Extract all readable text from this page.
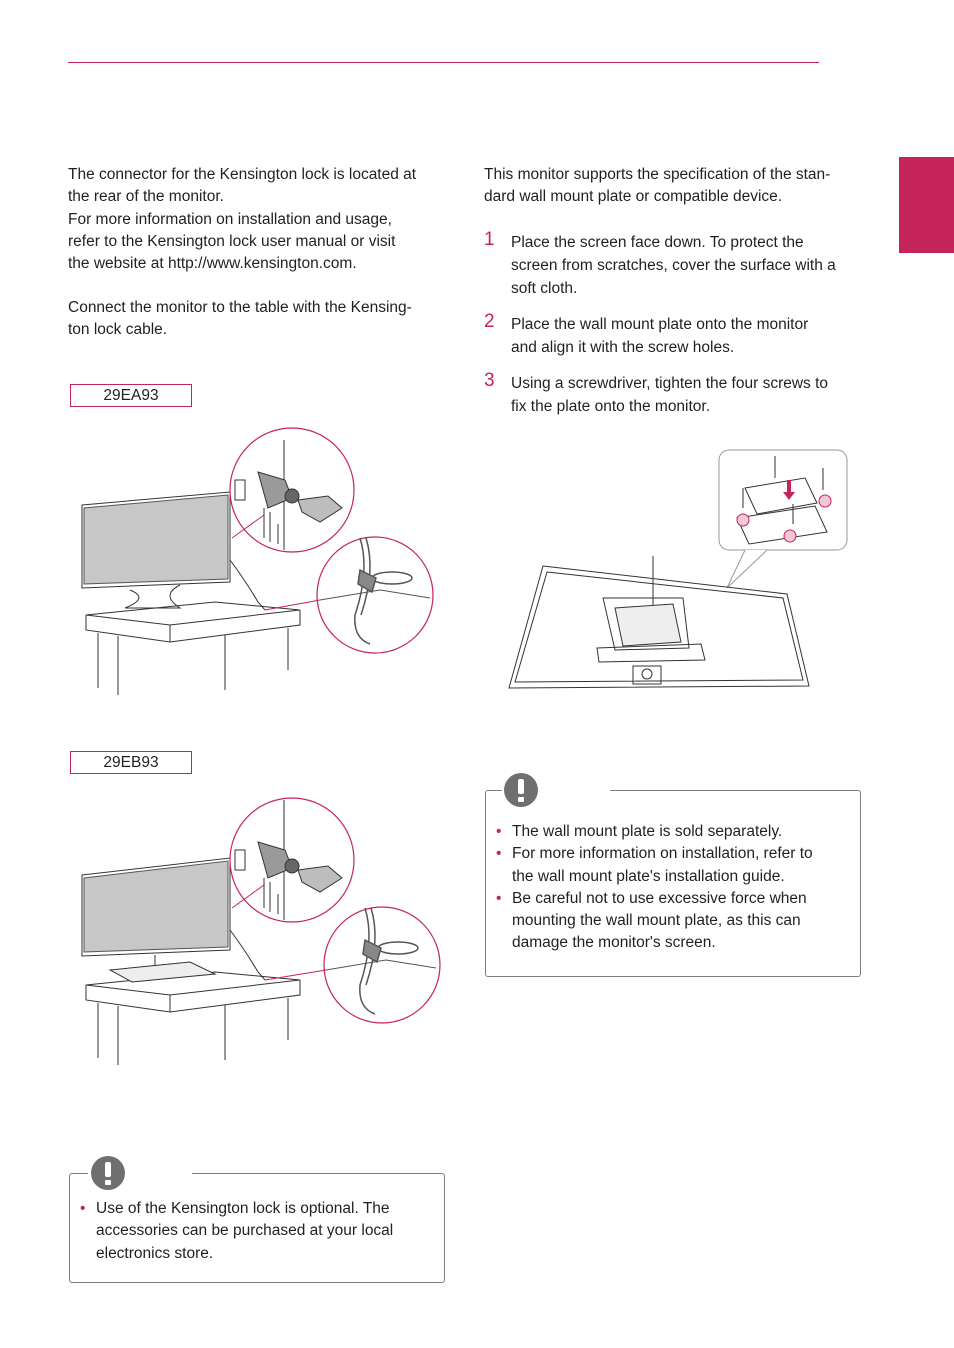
The connector for the Kensington lock is located at
the rear of the monitor.
For more information on installation and usage,
refer to the Kensington lock user manual or visit
the website at http://www.kensington.com.

Connect the monitor to the table with the Kensing-
ton lock cable.

29EA93
29EB93
• Use of the Kensington lock is optional. The
accessories can be purchased at your local
electronics store.

This monitor supports the specification of the stan-
dard wall mount plate or compatible device.

1 Place the screen face down. To protect the
screen from scratches, cover the surface with a
soft cloth.
2 Place the wall mount plate onto the monitor
and align it with the screw holes.
3 Using a screwdriver, tighten the four screws to
fix the plate onto the monitor.
• The wall mount plate is sold separately.
• For more information on installation, refer to
the wall mount plate's installation guide.
• Be careful not to use excessive force when
mounting the wall mount plate, as this can
damage the monitor's screen.
